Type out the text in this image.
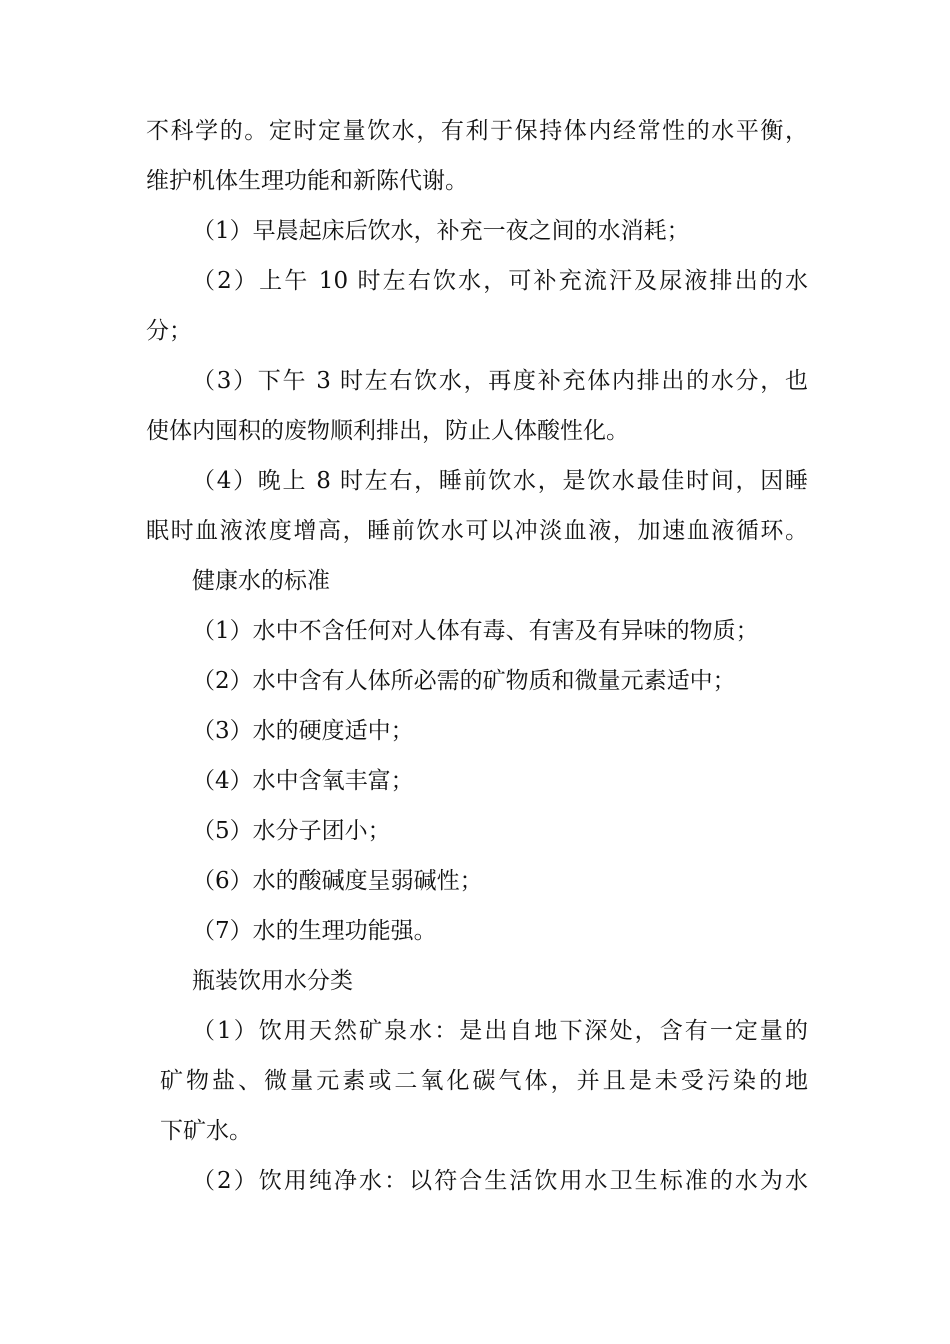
不科学的。定时定量饮水，有利于保持体内经常性的水平衡，
维护机体生理功能和新陈代谢。
（1）早晨起床后饮水，补充一夜之间的水消耗；
（2）上午 10 时左右饮水，可补充流汗及尿液排出的水
分；
（3）下午 3 时左右饮水，再度补充体内排出的水分，也
使体内囤积的废物顺利排出，防止人体酸性化。
（4）晚上 8 时左右，睡前饮水，是饮水最佳时间，因睡
眠时血液浓度增高，睡前饮水可以冲淡血液，加速血液循环。
健康水的标准
（1）水中不含任何对人体有毒、有害及有异味的物质；
（2）水中含有人体所必需的矿物质和微量元素适中；
（3）水的硬度适中；
（4）水中含氧丰富；
（5）水分子团小；
（6）水的酸碱度呈弱碱性；
（7）水的生理功能强。
瓶装饮用水分类
（1）饮用天然矿泉水：是出自地下深处，含有一定量的
矿物盐、微量元素或二氧化碳气体，并且是未受污染的地
下矿水。
（2）饮用纯净水：以符合生活饮用水卫生标准的水为水
